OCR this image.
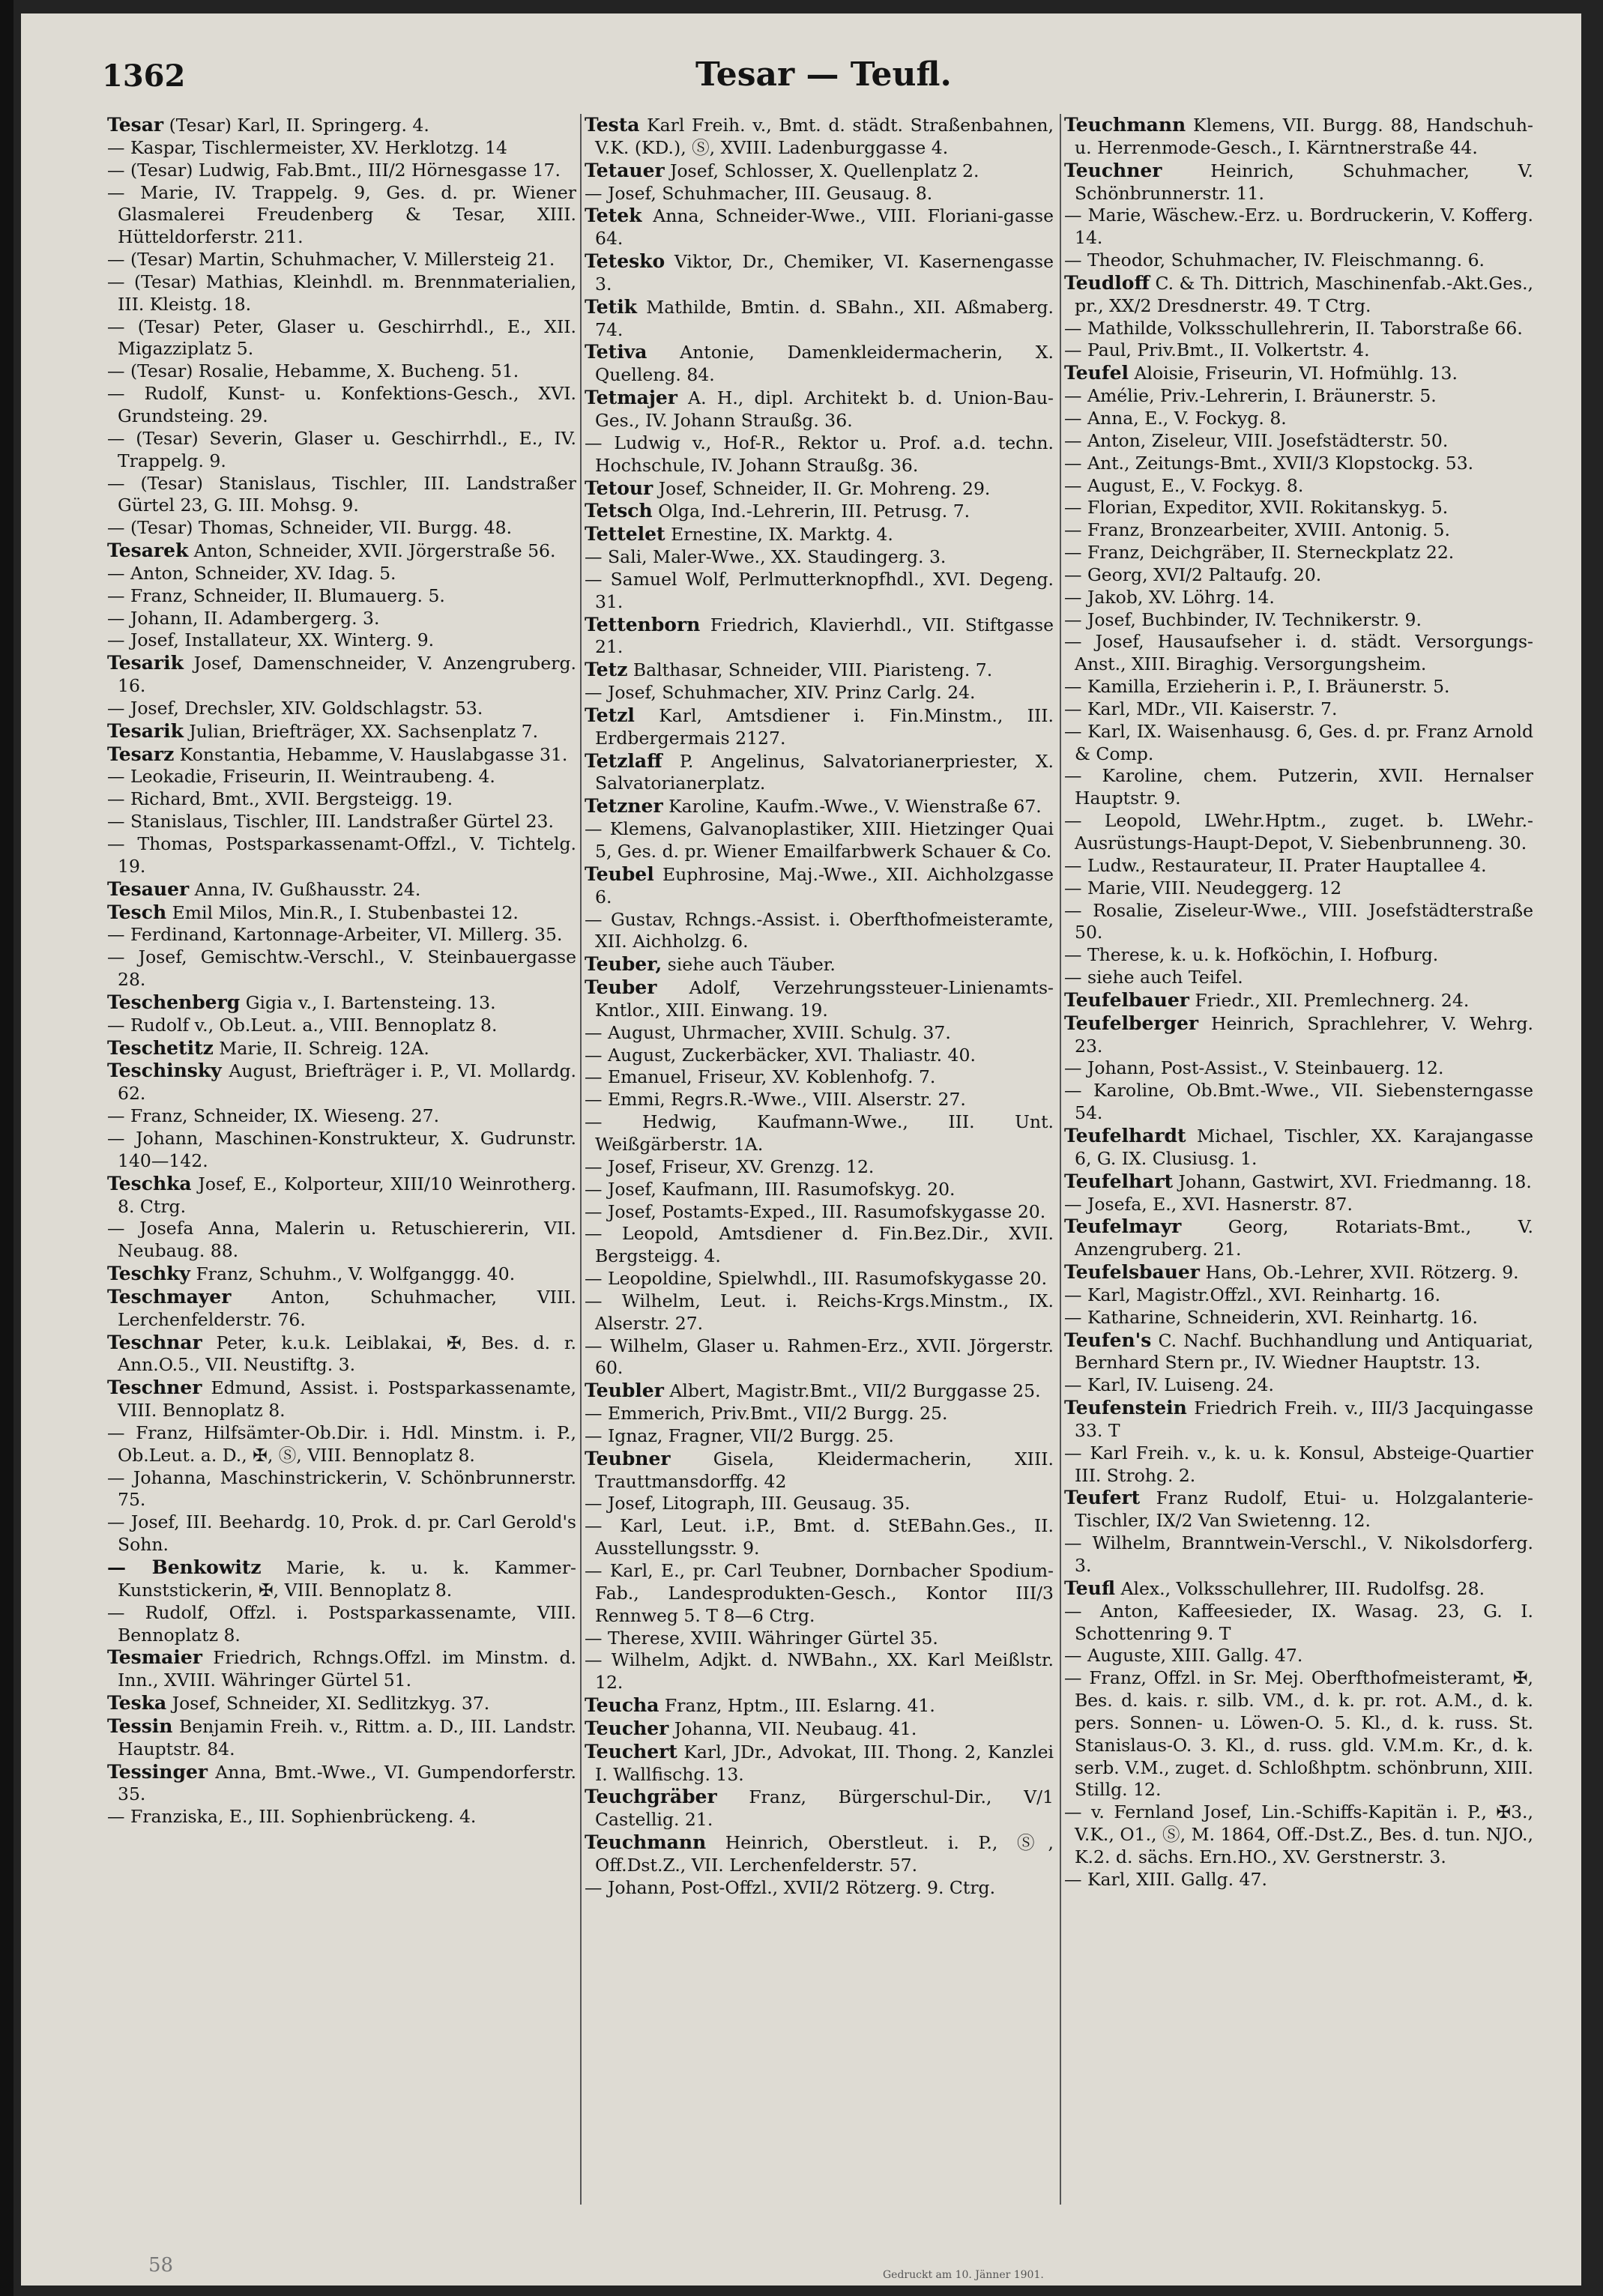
1362	Tesar — Teufl.

Tesar (Tesar) Karl, II. Springerg. 4.

— Kaspar, Tischlermeister, XV. Herklotzg. 14

— (Tesar) Ludwig, Fab.Bmt., III/2 Hörnesgasse 17.

— Marie, IV. Trappelg. 9, Ges. d. pr. Wiener Glasmalerei Freudenberg & Tesar, XIII. Hütteldorferstr. 211.

— (Tesar) Martin, Schuhmacher, V. Millersteig 21.

— (Tesar) Mathias, Kleinhdl. m. Brennmaterialien, III. Kleistg. 18.

— (Tesar) Peter, Glaser u. Geschirrhdl., E., XII. Migazziplatz 5.

— (Tesar) Rosalie, Hebamme, X. Bucheng. 51.

— Rudolf, Kunst- u. Konfektions-Gesch., XVI. Grundsteing. 29.

— (Tesar) Severin, Glaser u. Geschirrhdl., E., IV. Trappelg. 9.

— (Tesar) Stanislaus, Tischler, III. Landstraßer Gürtel 23, G. III. Mohsg. 9.

— (Tesar) Thomas, Schneider, VII. Burgg. 48.

Tesarek Anton, Schneider, XVII. Jörgerstraße 56.

— Anton, Schneider, XV. Idag. 5.

— Franz, Schneider, II. Blumauerg. 5.

— Johann, II. Adambergerg. 3.

— Josef, Installateur, XX. Winterg. 9.

Tesarik Josef, Damenschneider, V. Anzengruberg. 16.

— Josef, Drechsler, XIV. Goldschlagstr. 53.

Tesarik Julian, Briefträger, XX. Sachsenplatz 7.

Tesarz Konstantia, Hebamme, V. Hauslabgasse 31.

— Leokadie, Friseurin, II. Weintraubeng. 4.

— Richard, Bmt., XVII. Bergsteigg. 19.

— Stanislaus, Tischler, III. Landstraßer Gürtel 23.

— Thomas, Postsparkassenamt-Offzl., V. Tichtelg. 19.

Tesauer Anna, IV. Gußhausstr. 24.

Tesch Emil Milos, Min.R., I. Stubenbastei 12.

— Ferdinand, Kartonnage-Arbeiter, VI. Millerg. 35.

— Josef, Gemischtw.-Verschl., V. Steinbauergasse 28.

Teschenberg Gigia v., I. Bartensteing. 13.

— Rudolf v., Ob.Leut. a., VIII. Bennoplatz 8.

Teschetitz Marie, II. Schreig. 12A.

Teschinsky August, Briefträger i. P., VI. Mollardg. 62.

— Franz, Schneider, IX. Wieseng. 27.

— Johann, Maschinen-Konstrukteur, X. Gudrunstr. 140—142.

Teschka Josef, E., Kolporteur, XIII/10 Weinrotherg. 8. Ctrg.

— Josefa Anna, Malerin u. Retuschiererin, VII. Neubaug. 88.

Teschky Franz, Schuhm., V. Wolfganggg. 40.

Teschmayer Anton, Schuhmacher, VIII. Lerchenfelderstr. 76.

Teschnar Peter, k.u.k. Leiblakai, ✠, Bes. d. r. Ann.O.5., VII. Neustiftg. 3.

Teschner Edmund, Assist. i. Postsparkassenamte, VIII. Bennoplatz 8.

— Franz, Hilfsämter-Ob.Dir. i. Hdl. Minstm. i. P., Ob.Leut. a. D., ✠, Ⓢ, VIII. Bennoplatz 8.

— Johanna, Maschinstrickerin, V. Schönbrunnerstr. 75.

— Josef, III. Beehardg. 10, Prok. d. pr. Carl Gerold's Sohn.

— Benkowitz Marie, k. u. k. Kammer-Kunststickerin, ✠, VIII. Bennoplatz 8.

— Rudolf, Offzl. i. Postsparkassenamte, VIII. Bennoplatz 8.

Tesmaier Friedrich, Rchngs.Offzl. im Minstm. d. Inn., XVIII. Währinger Gürtel 51.

Teska Josef, Schneider, XI. Sedlitzkyg. 37.

Tessin Benjamin Freih. v., Rittm. a. D., III. Landstr. Hauptstr. 84.

Tessinger Anna, Bmt.-Wwe., VI. Gumpendorferstr. 35.

— Franziska, E., III. Sophienbrückeng. 4.

Testa Karl Freih. v., Bmt. d. städt. Straßenbahnen, V.K. (KD.), Ⓢ, XVIII. Ladenburggasse 4.

Tetauer Josef, Schlosser, X. Quellenplatz 2.

— Josef, Schuhmacher, III. Geusaug. 8.

Tetek Anna, Schneider-Wwe., VIII. Floriani-gasse 64.

Tetesko Viktor, Dr., Chemiker, VI. Kasernengasse 3.

Tetik Mathilde, Bmtin. d. SBahn., XII. Aßmaberg. 74.

Tetiva Antonie, Damenkleidermacherin, X. Quelleng. 84.

Tetmajer A. H., dipl. Architekt b. d. Union-Bau-Ges., IV. Johann Straußg. 36.

— Ludwig v., Hof-R., Rektor u. Prof. a.d. techn. Hochschule, IV. Johann Straußg. 36.

Tetour Josef, Schneider, II. Gr. Mohreng. 29.

Tetsch Olga, Ind.-Lehrerin, III. Petrusg. 7.

Tettelet Ernestine, IX. Marktg. 4.

— Sali, Maler-Wwe., XX. Staudingerg. 3.

— Samuel Wolf, Perlmutterknopfhdl., XVI. Degeng. 31.

Tettenborn Friedrich, Klavierhdl., VII. Stiftgasse 21.

Tetz Balthasar, Schneider, VIII. Piaristeng. 7.

— Josef, Schuhmacher, XIV. Prinz Carlg. 24.

Tetzl Karl, Amtsdiener i. Fin.Minstm., III. Erdbergermais 2127.

Tetzlaff P. Angelinus, Salvatorianerpriester, X. Salvatorianerplatz.

Tetzner Karoline, Kaufm.-Wwe., V. Wienstraße 67.

— Klemens, Galvanoplastiker, XIII. Hietzinger Quai 5, Ges. d. pr. Wiener Emailfarbwerk Schauer & Co.

Teubel Euphrosine, Maj.-Wwe., XII. Aichholzgasse 6.

— Gustav, Rchngs.-Assist. i. Oberfthofmeisteramte, XII. Aichholzg. 6.

Teuber, siehe auch Täuber.

Teuber Adolf, Verzehrungssteuer-Linienamts-Kntlor., XIII. Einwang. 19.

— August, Uhrmacher, XVIII. Schulg. 37.

— August, Zuckerbäcker, XVI. Thaliastr. 40.

— Emanuel, Friseur, XV. Koblenhofg. 7.

— Emmi, Regrs.R.-Wwe., VIII. Alserstr. 27.

— Hedwig, Kaufmann-Wwe., III. Unt. Weißgärberstr. 1A.

— Josef, Friseur, XV. Grenzg. 12.

— Josef, Kaufmann, III. Rasumofskyg. 20.

— Josef, Postamts-Exped., III. Rasumofskygasse 20.

— Leopold, Amtsdiener d. Fin.Bez.Dir., XVII. Bergsteigg. 4.

— Leopoldine, Spielwhdl., III. Rasumofskygasse 20.

— Wilhelm, Leut. i. Reichs-Krgs.Minstm., IX. Alserstr. 27.

— Wilhelm, Glaser u. Rahmen-Erz., XVII. Jörgerstr. 60.

Teubler Albert, Magistr.Bmt., VII/2 Burggasse 25.

— Emmerich, Priv.Bmt., VII/2 Burgg. 25.

— Ignaz, Fragner, VII/2 Burgg. 25.

Teubner Gisela, Kleidermacherin, XIII. Trauttmansdorffg. 42

— Josef, Litograph, III. Geusaug. 35.

— Karl, Leut. i.P., Bmt. d. StEBahn.Ges., II. Ausstellungsstr. 9.

— Karl, E., pr. Carl Teubner, Dornbacher Spodium-Fab., Landesprodukten-Gesch., Kontor III/3 Rennweg 5. T 8—6 Ctrg.

— Therese, XVIII. Währinger Gürtel 35.

— Wilhelm, Adjkt. d. NWBahn., XX. Karl Meißlstr. 12.

Teucha Franz, Hptm., III. Eslarng. 41.

Teucher Johanna, VII. Neubaug. 41.

Teuchert Karl, JDr., Advokat, III. Thong. 2, Kanzlei I. Wallfischg. 13.

Teuchgräber Franz, Bürgerschul-Dir., V/1 Castellig. 21.

Teuchmann Heinrich, Oberstleut. i. P., Ⓢ, Off.Dst.Z., VII. Lerchenfelderstr. 57.

— Johann, Post-Offzl., XVII/2 Rötzerg. 9. Ctrg.

Teuchmann Klemens, VII. Burgg. 88, Handschuh- u. Herrenmode-Gesch., I. Kärntnerstraße 44.

Teuchner Heinrich, Schuhmacher, V. Schönbrunnerstr. 11.

— Marie, Wäschew.-Erz. u. Bordruckerin, V. Kofferg. 14.

— Theodor, Schuhmacher, IV. Fleischmanng. 6.

Teudloff C. & Th. Dittrich, Maschinenfab.-Akt.Ges., pr., XX/2 Dresdnerstr. 49. T Ctrg.

— Mathilde, Volksschullehrerin, II. Taborstraße 66.

— Paul, Priv.Bmt., II. Volkertstr. 4.

Teufel Aloisie, Friseurin, VI. Hofmühlg. 13.

— Amélie, Priv.-Lehrerin, I. Bräunerstr. 5.

— Anna, E., V. Fockyg. 8.

— Anton, Ziseleur, VIII. Josefstädterstr. 50.

— Ant., Zeitungs-Bmt., XVII/3 Klopstockg. 53.

— August, E., V. Fockyg. 8.

— Florian, Expeditor, XVII. Rokitanskyg. 5.

— Franz, Bronzearbeiter, XVIII. Antonig. 5.

— Franz, Deichgräber, II. Sterneckplatz 22.

— Georg, XVI/2 Paltaufg. 20.

— Jakob, XV. Löhrg. 14.

— Josef, Buchbinder, IV. Technikerstr. 9.

— Josef, Hausaufseher i. d. städt. Versorgungs-Anst., XIII. Biraghig. Versorgungsheim.

— Kamilla, Erzieherin i. P., I. Bräunerstr. 5.

— Karl, MDr., VII. Kaiserstr. 7.

— Karl, IX. Waisenhausg. 6, Ges. d. pr. Franz Arnold & Comp.

— Karoline, chem. Putzerin, XVII. Hernalser Hauptstr. 9.

— Leopold, LWehr.Hptm., zuget. b. LWehr.-Ausrüstungs-Haupt-Depot, V. Siebenbrunneng. 30.

— Ludw., Restaurateur, II. Prater Hauptallee 4.

— Marie, VIII. Neudeggerg. 12

— Rosalie, Ziseleur-Wwe., VIII. Josefstädterstraße 50.

— Therese, k. u. k. Hofköchin, I. Hofburg.

— siehe auch Teifel.

Teufelbauer Friedr., XII. Premlechnerg. 24.

Teufelberger Heinrich, Sprachlehrer, V. Wehrg. 23.

— Johann, Post-Assist., V. Steinbauerg. 12.

— Karoline, Ob.Bmt.-Wwe., VII. Siebensterngasse 54.

Teufelhardt Michael, Tischler, XX. Karajangasse 6, G. IX. Clusiusg. 1.

Teufelhart Johann, Gastwirt, XVI. Friedmanng. 18.

— Josefa, E., XVI. Hasnerstr. 87.

Teufelmayr Georg, Rotariats-Bmt., V. Anzengruberg. 21.

Teufelsbauer Hans, Ob.-Lehrer, XVII. Rötzerg. 9.

— Karl, Magistr.Offzl., XVI. Reinhartg. 16.

— Katharine, Schneiderin, XVI. Reinhartg. 16.

Teufen's C. Nachf. Buchhandlung und Antiquariat, Bernhard Stern pr., IV. Wiedner Hauptstr. 13.

— Karl, IV. Luiseng. 24.

Teufenstein Friedrich Freih. v., III/3 Jacquingasse 33. T

— Karl Freih. v., k. u. k. Konsul, Absteige-Quartier III. Strohg. 2.

Teufert Franz Rudolf, Etui- u. Holzgalanterie-Tischler, IX/2 Van Swietenng. 12.

— Wilhelm, Branntwein-Verschl., V. Nikolsdorferg. 3.

Teufl Alex., Volksschullehrer, III. Rudolfsg. 28.

— Anton, Kaffeesieder, IX. Wasag. 23, G. I. Schottenring 9. T

— Auguste, XIII. Gallg. 47.

— Franz, Offzl. in Sr. Mej. Oberfthofmeisteramt, ✠, Bes. d. kais. r. silb. VM., d. k. pr. rot. A.M., d. k. pers. Sonnen- u. Löwen-O. 5. Kl., d. k. russ. St. Stanislaus-O. 3. Kl., d. russ. gld. V.M.m. Kr., d. k. serb. V.M., zuget. d. Schloßhptm. schönbrunn, XIII. Stillg. 12.

— v. Fernland Josef, Lin.-Schiffs-Kapitän i. P., ✠3., V.K., O1., Ⓢ, M. 1864, Off.-Dst.Z., Bes. d. tun. NJO., K.2. d. sächs. Ern.HO., XV. Gerstnerstr. 3.

— Karl, XIII. Gallg. 47.

58	Gedruckt am 10. Jänner 1901.
